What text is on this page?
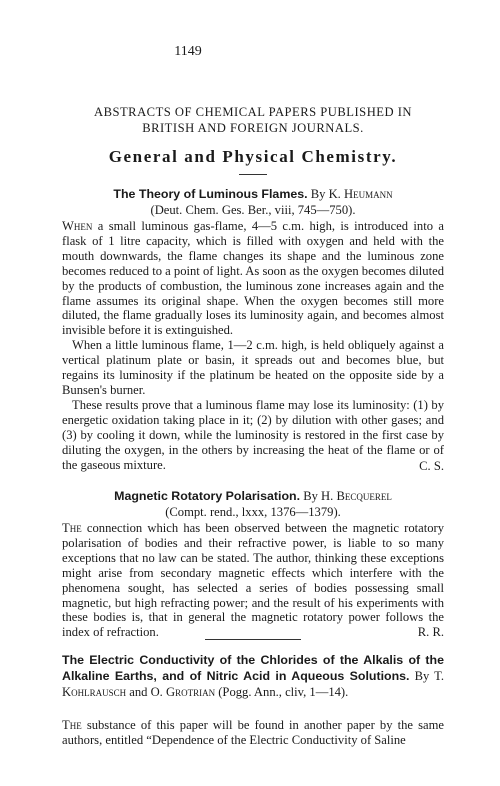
1149
ABSTRACTS OF CHEMICAL PAPERS PUBLISHED IN
BRITISH AND FOREIGN JOURNALS.
General and Physical Chemistry.
The Theory of Luminous Flames. By K. Heumann
(Deut. Chem. Ges. Ber., viii, 745—750).

When a small luminous gas-flame, 4—5 c.m. high, is introduced into a flask of 1 litre capacity, which is filled with oxygen and held with the mouth downwards, the flame changes its shape and the luminous zone becomes reduced to a point of light. As soon as the oxygen becomes diluted by the products of combustion, the luminous zone increases again and the flame assumes its original shape. When the oxygen becomes still more diluted, the flame gradually loses its luminosity again, and becomes almost invisible before it is extinguished.

When a little luminous flame, 1—2 c.m. high, is held obliquely against a vertical platinum plate or basin, it spreads out and becomes blue, but regains its luminosity if the platinum be heated on the opposite side by a Bunsen's burner.

These results prove that a luminous flame may lose its luminosity: (1) by energetic oxidation taking place in it; (2) by dilution with other gases; and (3) by cooling it down, while the luminosity is restored in the first case by diluting the oxygen, in the others by increasing the heat of the flame or of the gaseous mixture.	C. S.
Magnetic Rotatory Polarisation. By H. Becquerel
(Compt. rend., lxxx, 1376—1379).

The connection which has been observed between the magnetic rotatory polarisation of bodies and their refractive power, is liable to so many exceptions that no law can be stated. The author, thinking these exceptions might arise from secondary magnetic effects which interfere with the phenomena sought, has selected a series of bodies possessing small magnetic, but high refracting power; and the result of his experiments with these bodies is, that in general the magnetic rotatory power follows the index of refraction.	R. R.
The Electric Conductivity of the Chlorides of the Alkalis of the Alkaline Earths, and of Nitric Acid in Aqueous Solutions. By T. Kohlrausch and O. Grotrian (Pogg. Ann., cliv, 1—14).

The substance of this paper will be found in another paper by the same authors, entitled “Dependence of the Electric Conductivity of Saline
